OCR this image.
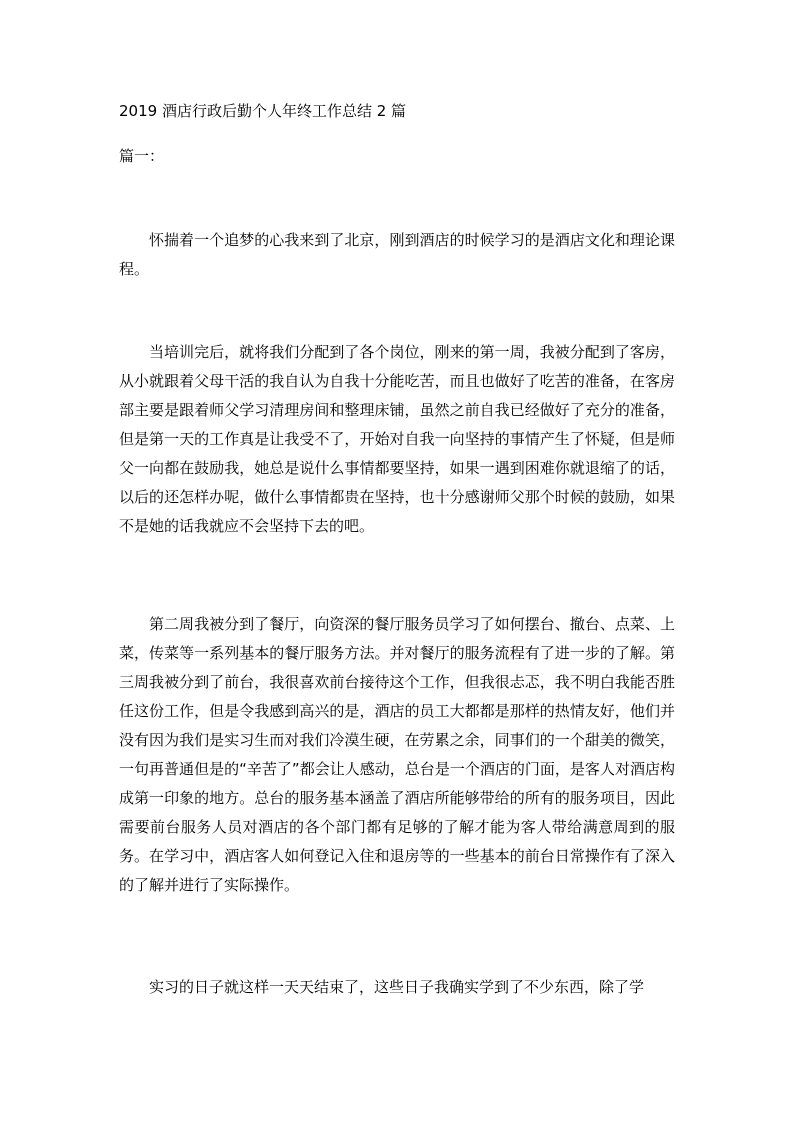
2019 酒店行政后勤个人年终工作总结 2 篇
篇一：

怀揣着一个追梦的心我来到了北京，刚到酒店的时候学习的是酒店文化和理论课程。

当培训完后，就将我们分配到了各个岗位，刚来的第一周，我被分配到了客房，从小就跟着父母干活的我自认为自我十分能吃苦，而且也做好了吃苦的准备，在客房部主要是跟着师父学习清理房间和整理床铺，虽然之前自我已经做好了充分的准备，但是第一天的工作真是让我受不了，开始对自我一向坚持的事情产生了怀疑，但是师父一向都在鼓励我，她总是说什么事情都要坚持，如果一遇到困难你就退缩了的话，以后的还怎样办呢，做什么事情都贵在坚持，也十分感谢师父那个时候的鼓励，如果不是她的话我就应不会坚持下去的吧。

第二周我被分到了餐厅，向资深的餐厅服务员学习了如何摆台、撤台、点菜、上菜，传菜等一系列基本的餐厅服务方法。并对餐厅的服务流程有了进一步的了解。第三周我被分到了前台，我很喜欢前台接待这个工作，但我很忐忑，我不明白我能否胜任这份工作，但是令我感到高兴的是，酒店的员工大都都是那样的热情友好，他们并没有因为我们是实习生而对我们冷漠生硬，在劳累之余，同事们的一个甜美的微笑，一句再普通但是的“辛苦了”都会让人感动，总台是一个酒店的门面，是客人对酒店构成第一印象的地方。总台的服务基本涵盖了酒店所能够带给的所有的服务项目，因此需要前台服务人员对酒店的各个部门都有足够的了解才能为客人带给满意周到的服务。在学习中，酒店客人如何登记入住和退房等的一些基本的前台日常操作有了深入的了解并进行了实际操作。

实习的日子就这样一天天结束了，这些日子我确实学到了不少东西，除了学
